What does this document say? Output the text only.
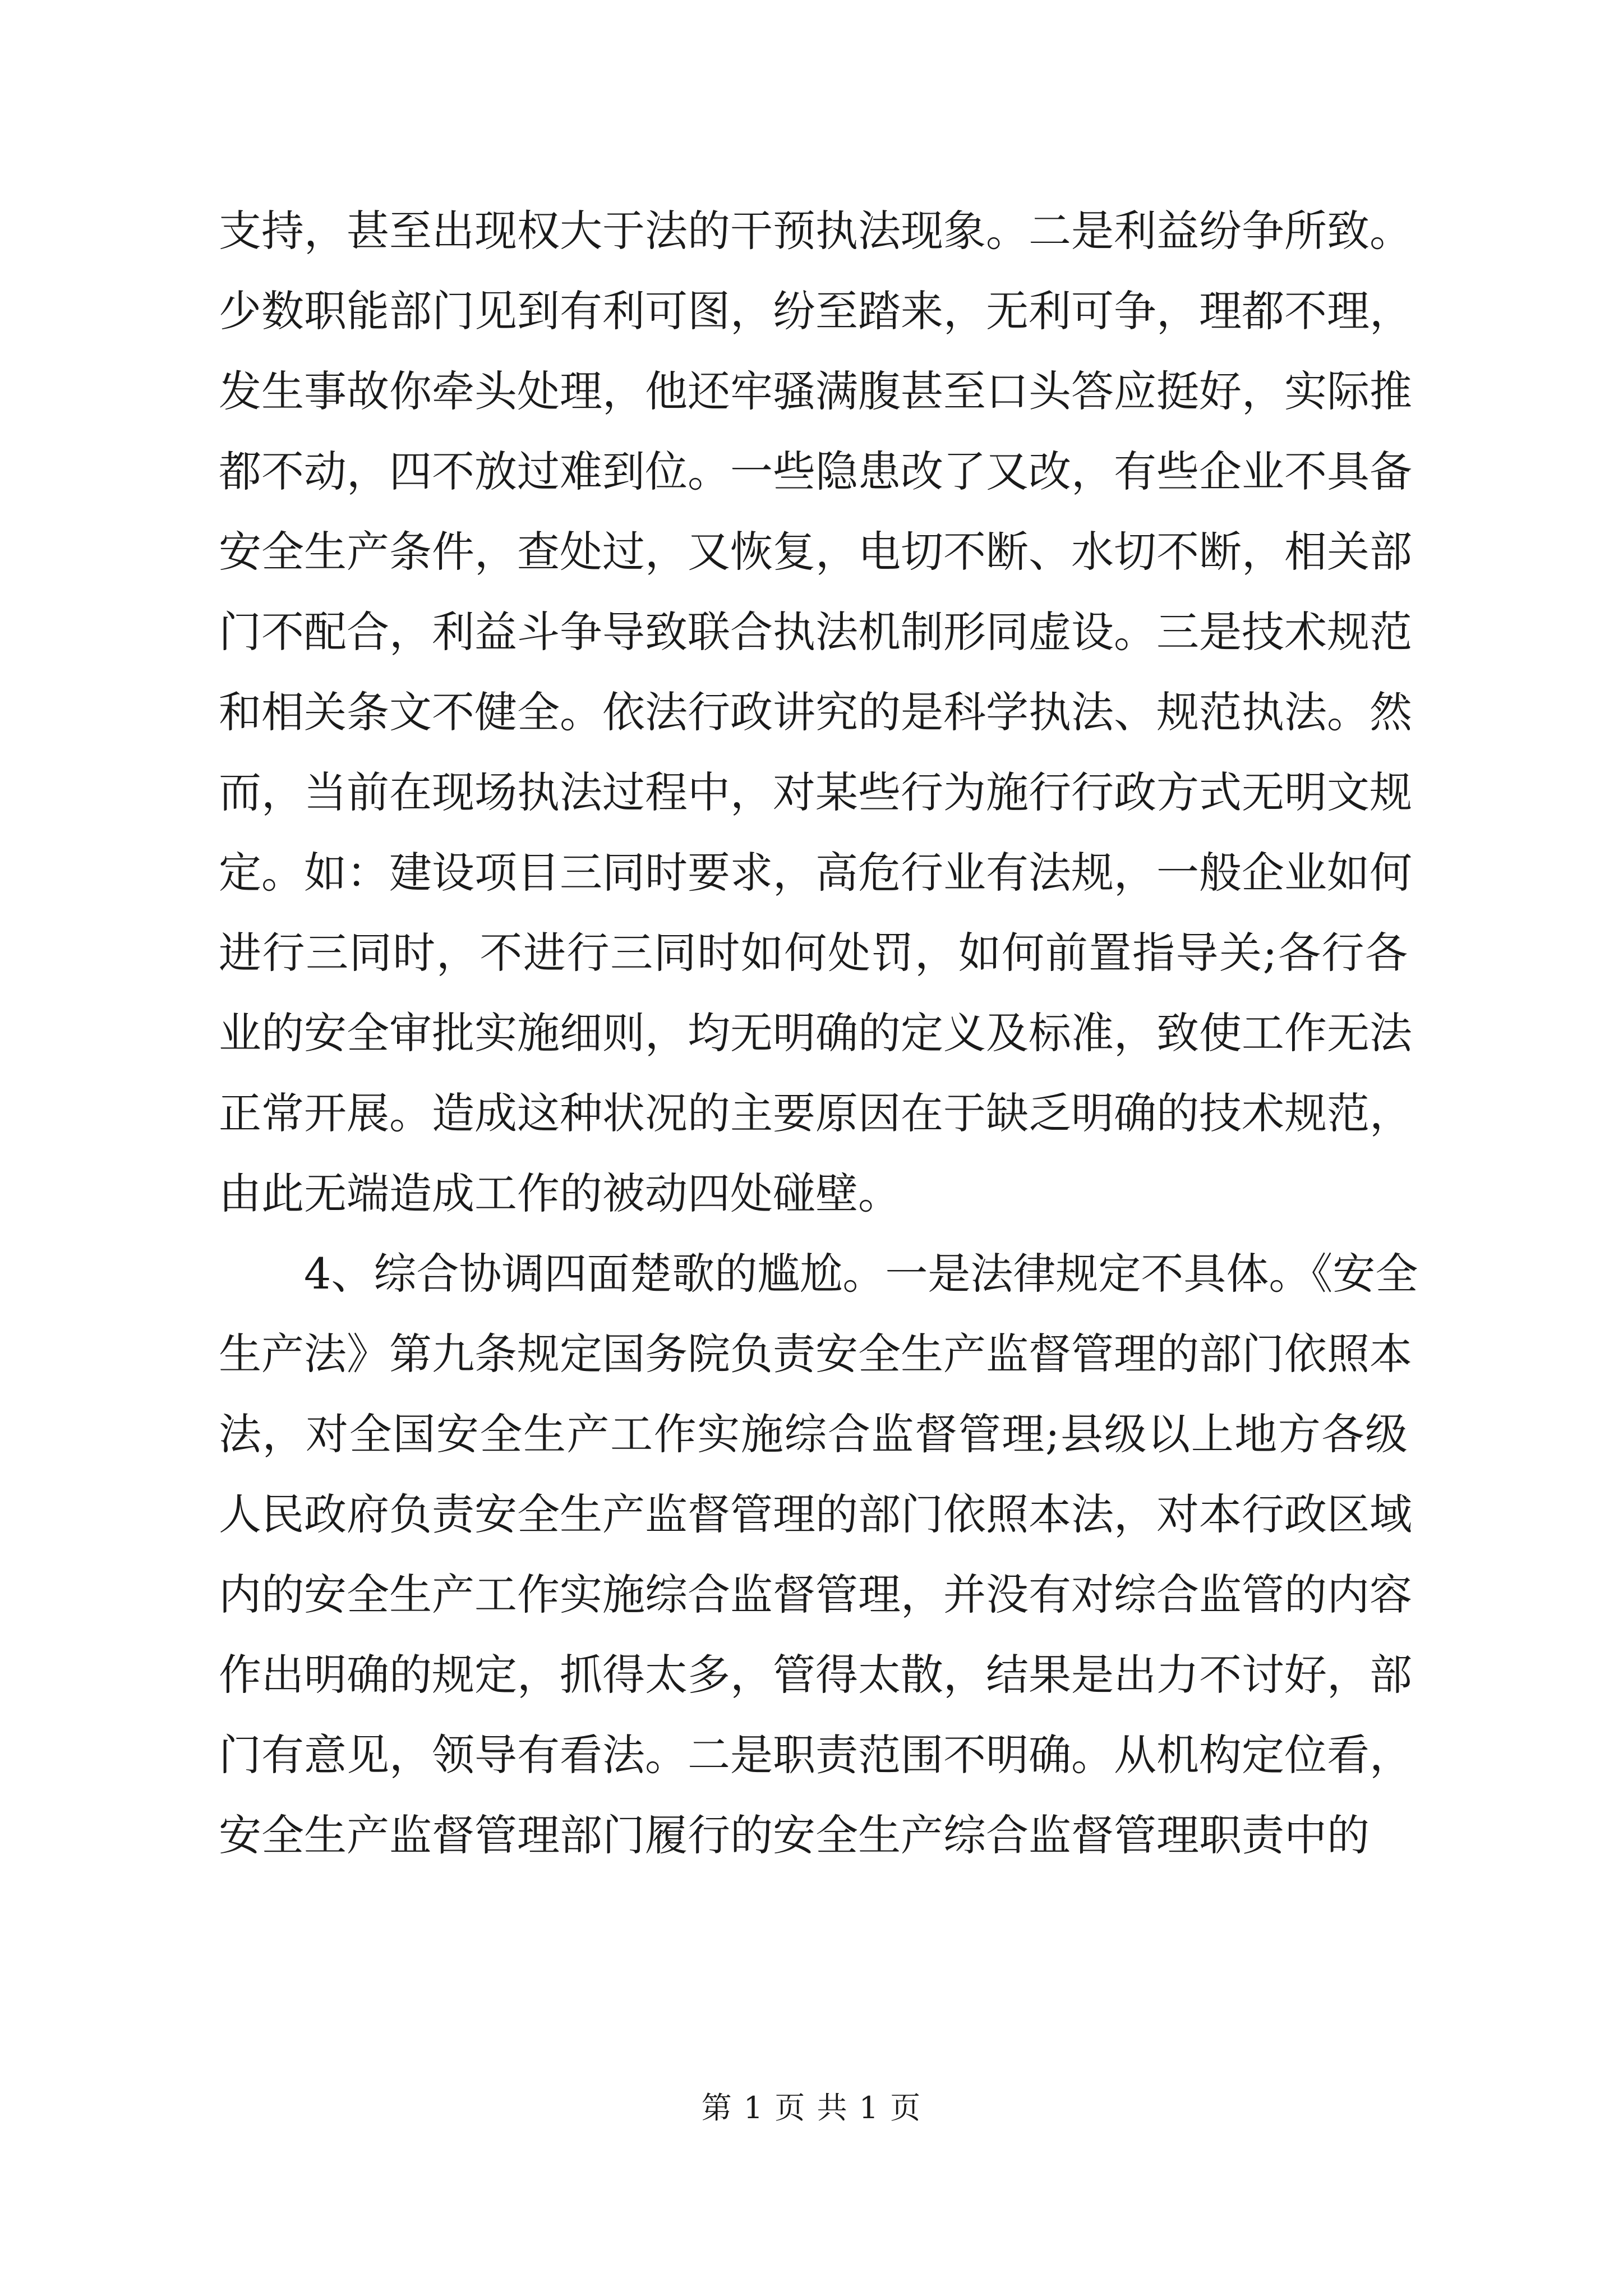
支持，甚至出现权大于法的干预执法现象。二是利益纷争所致。
少数职能部门见到有利可图，纷至踏来，无利可争，理都不理，
发生事故你牵头处理，他还牢骚满腹甚至口头答应挺好，实际推
都不动，四不放过难到位。一些隐患改了又改，有些企业不具备
安全生产条件，查处过，又恢复，电切不断、水切不断，相关部
门不配合，利益斗争导致联合执法机制形同虚设。三是技术规范
和相关条文不健全。依法行政讲究的是科学执法、规范执法。然
而，当前在现场执法过程中，对某些行为施行行政方式无明文规
定。如：建设项目三同时要求，高危行业有法规，一般企业如何
进行三同时，不进行三同时如何处罚，如何前置指导关;各行各
业的安全审批实施细则，均无明确的定义及标准，致使工作无法
正常开展。造成这种状况的主要原因在于缺乏明确的技术规范，
由此无端造成工作的被动四处碰壁。
4、综合协调四面楚歌的尴尬。一是法律规定不具体。《安全
生产法》第九条规定国务院负责安全生产监督管理的部门依照本
法，对全国安全生产工作实施综合监督管理;县级以上地方各级
人民政府负责安全生产监督管理的部门依照本法，对本行政区域
内的安全生产工作实施综合监督管理，并没有对综合监管的内容
作出明确的规定，抓得太多，管得太散，结果是出力不讨好，部
门有意见，领导有看法。二是职责范围不明确。从机构定位看，
安全生产监督管理部门履行的安全生产综合监督管理职责中的
第 1 页 共 1 页
